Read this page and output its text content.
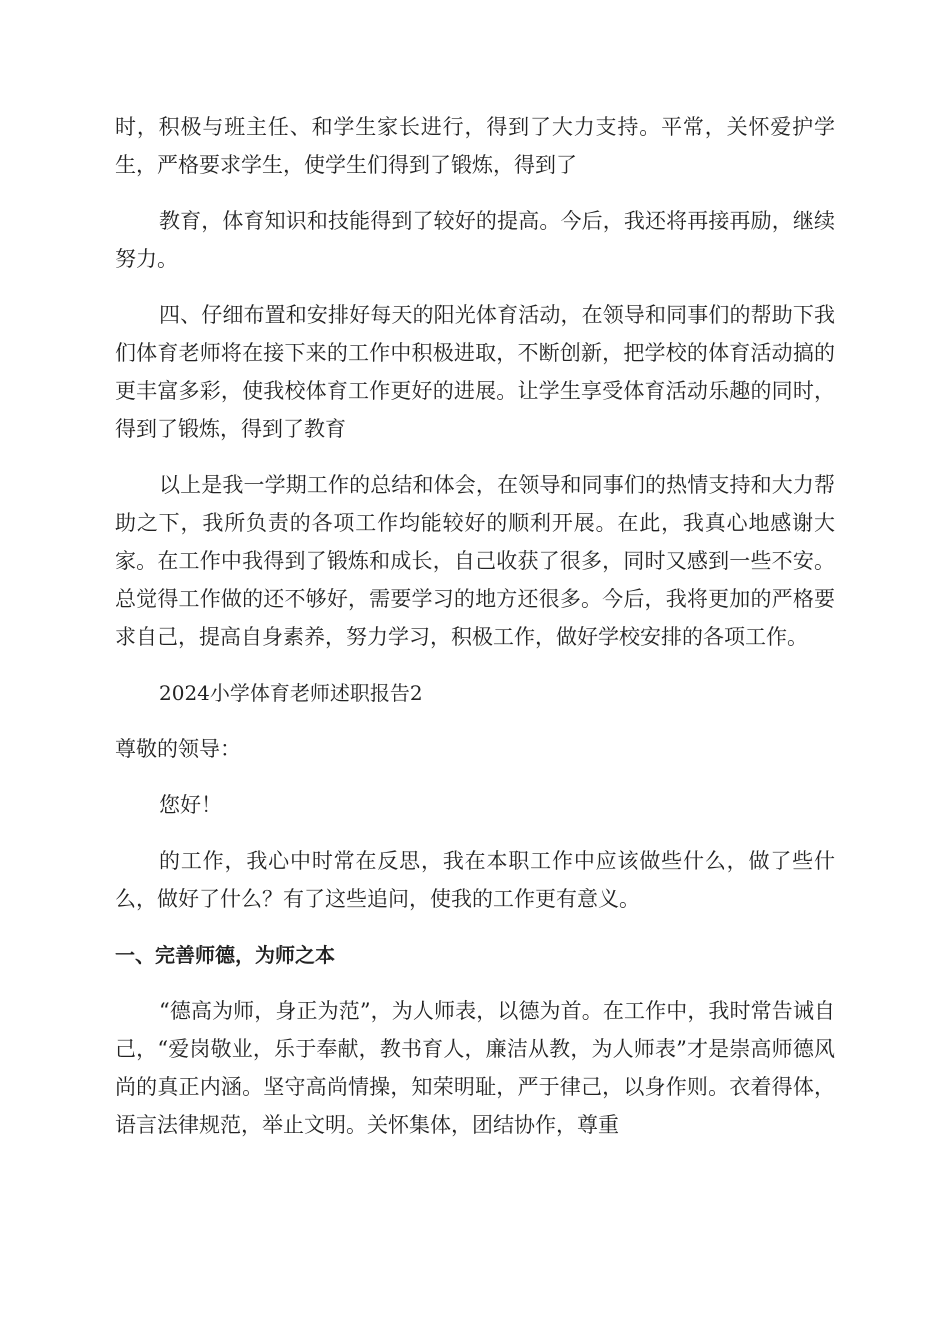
时，积极与班主任、和学生家长进行，得到了大力支持。平常，关怀爱护学生，严格要求学生，使学生们得到了锻炼，得到了

教育，体育知识和技能得到了较好的提高。今后，我还将再接再励，继续努力。

四、仔细布置和安排好每天的阳光体育活动，在领导和同事们的帮助下我们体育老师将在接下来的工作中积极进取，不断创新，把学校的体育活动搞的更丰富多彩，使我校体育工作更好的进展。让学生享受体育活动乐趣的同时，得到了锻炼，得到了教育

以上是我一学期工作的总结和体会，在领导和同事们的热情支持和大力帮助之下，我所负责的各项工作均能较好的顺利开展。在此，我真心地感谢大家。在工作中我得到了锻炼和成长，自己收获了很多，同时又感到一些不安。总觉得工作做的还不够好，需要学习的地方还很多。今后，我将更加的严格要求自己，提高自身素养，努力学习，积极工作，做好学校安排的各项工作。

2024小学体育老师述职报告2

尊敬的领导：

您好！

的工作，我心中时常在反思，我在本职工作中应该做些什么，做了些什么，做好了什么？有了这些追问，使我的工作更有意义。

一、完善师德，为师之本

“德高为师，身正为范”，为人师表，以德为首。在工作中，我时常告诫自己，“爱岗敬业，乐于奉献，教书育人，廉洁从教，为人师表”才是崇高师德风尚的真正内涵。坚守高尚情操，知荣明耻，严于律己，以身作则。衣着得体，语言法律规范，举止文明。关怀集体，团结协作，尊重
